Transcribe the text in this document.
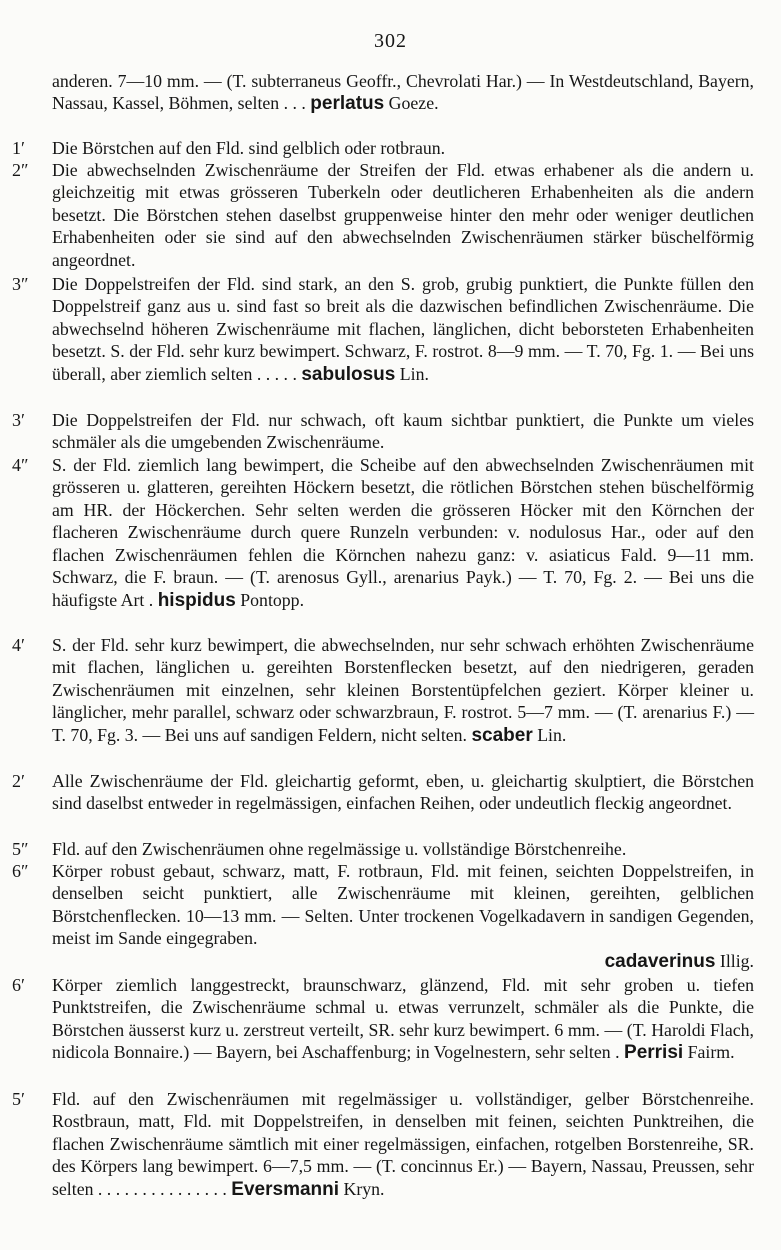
302
anderen. 7—10 mm. — (T. subterraneus Geoffr., Chevrolati Har.) — In Westdeutschland, Bayern, Nassau, Kassel, Böhmen, selten . . . perlatus Goeze.
1′	Die Börstchen auf den Fld. sind gelblich oder rotbraun.
2″	Die abwechselnden Zwischenräume der Streifen der Fld. etwas erhabener als die andern u. gleichzeitig mit etwas grösseren Tuberkeln oder deutlicheren Erhabenheiten als die andern besetzt. Die Börstchen stehen daselbst gruppenweise hinter den mehr oder weniger deutlichen Erhabenheiten oder sie sind auf den abwechselnden Zwischenräumen stärker büschelförmig angeordnet.
3″	Die Doppelstreifen der Fld. sind stark, an den S. grob, grubig punktiert, die Punkte füllen den Doppelstreif ganz aus u. sind fast so breit als die dazwischen befindlichen Zwischenräume. Die abwechselnd höheren Zwischenräume mit flachen, länglichen, dicht beborsteten Erhabenheiten besetzt. S. der Fld. sehr kurz bewimpert. Schwarz, F. rostrot. 8—9 mm. — T. 70, Fg. 1. — Bei uns überall, aber ziemlich selten . . . . . sabulosus Lin.
3′	Die Doppelstreifen der Fld. nur schwach, oft kaum sichtbar punktiert, die Punkte um vieles schmäler als die umgebenden Zwischenräume.
4″	S. der Fld. ziemlich lang bewimpert, die Scheibe auf den abwechselnden Zwischenräumen mit grösseren u. glatteren, gereihten Höckern besetzt, die rötlichen Börstchen stehen büschelförmig am HR. der Höckerchen. Sehr selten werden die grösseren Höcker mit den Körnchen der flacheren Zwischenräume durch quere Runzeln verbunden: v. nodulosus Har., oder auf den flachen Zwischenräumen fehlen die Körnchen nahezu ganz: v. asiaticus Fald. 9—11 mm. Schwarz, die F. braun. — (T. arenosus Gyll., arenarius Payk.) — T. 70, Fg. 2. — Bei uns die häufigste Art . hispidus Pontopp.
4′	S. der Fld. sehr kurz bewimpert, die abwechselnden, nur sehr schwach erhöhten Zwischenräume mit flachen, länglichen u. gereihten Borstenflecken besetzt, auf den niedrigeren, geraden Zwischenräumen mit einzelnen, sehr kleinen Borstentüpfelchen geziert. Körper kleiner u. länglicher, mehr parallel, schwarz oder schwarzbraun, F. rostrot. 5—7 mm. — (T. arenarius F.) — T. 70, Fg. 3. — Bei uns auf sandigen Feldern, nicht selten. scaber Lin.
2′	Alle Zwischenräume der Fld. gleichartig geformt, eben, u. gleichartig skulptiert, die Börstchen sind daselbst entweder in regelmässigen, einfachen Reihen, oder undeutlich fleckig angeordnet.
5″	Fld. auf den Zwischenräumen ohne regelmässige u. vollständige Börstchenreihe.
6″	Körper robust gebaut, schwarz, matt, F. rotbraun, Fld. mit feinen, seichten Doppelstreifen, in denselben seicht punktiert, alle Zwischenräume mit kleinen, gereihten, gelblichen Börstchenflecken. 10—13 mm. — Selten. Unter trockenen Vogelkadavern in sandigen Gegenden, meist im Sande eingegraben.
cadaverinus Illig.
6′	Körper ziemlich langgestreckt, braunschwarz, glänzend, Fld. mit sehr groben u. tiefen Punktstreifen, die Zwischenräume schmal u. etwas verrunzelt, schmäler als die Punkte, die Börstchen äusserst kurz u. zerstreut verteilt, SR. sehr kurz bewimpert. 6 mm. — (T. Haroldi Flach, nidicola Bonnaire.) — Bayern, bei Aschaffenburg; in Vogelnestern, sehr selten . Perrisi Fairm.
5′	Fld. auf den Zwischenräumen mit regelmässiger u. vollständiger, gelber Börstchenreihe. Rostbraun, matt, Fld. mit Doppelstreifen, in denselben mit feinen, seichten Punktreihen, die flachen Zwischenräume sämtlich mit einer regelmässigen, einfachen, rotgelben Borstenreihe, SR. des Körpers lang bewimpert. 6—7,5 mm. — (T. concinnus Er.) — Bayern, Nassau, Preussen, sehr selten . . . . . . . . . . . . . . . Eversmanni Kryn.
